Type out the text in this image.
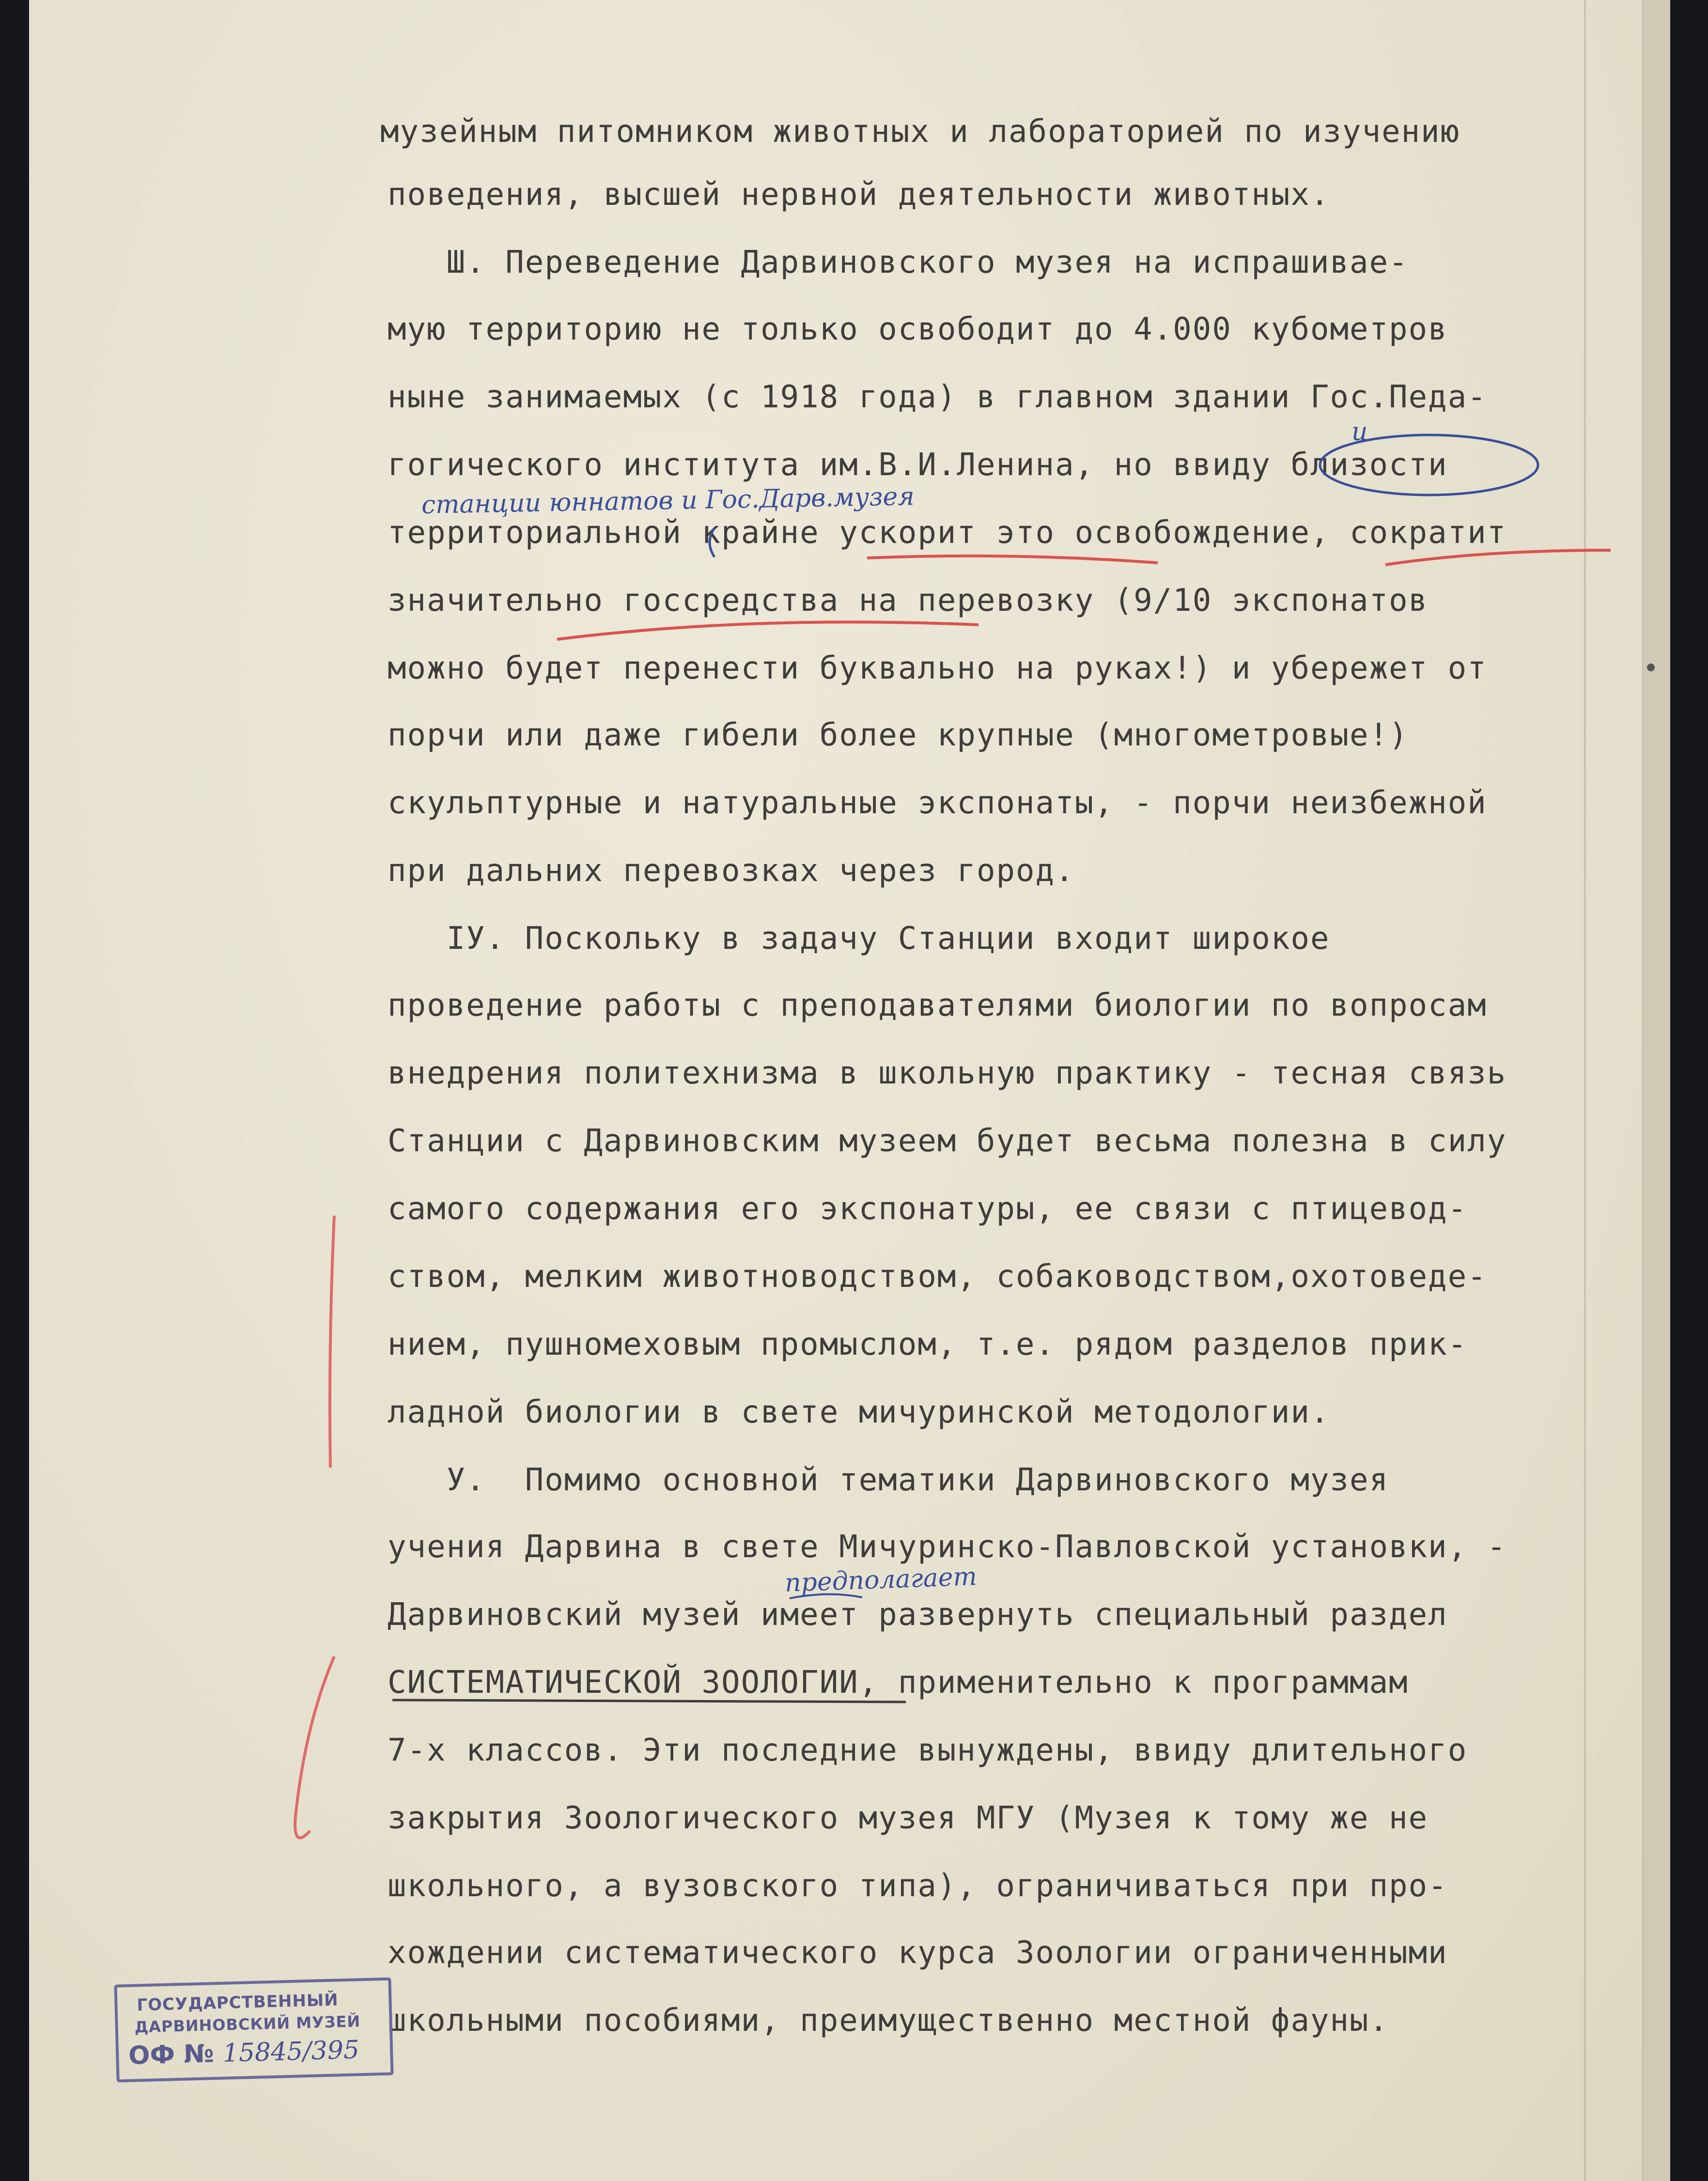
музейным питомником животных и лабораторией по изучению

поведения, высшей нервной деятельности животных.

Ш. Переведение Дарвиновского музея на испрашивае-

мую территорию не только освободит до 4.000 кубометров

ныне занимаемых (с 1918 года) в главном здании Гос.Педа-

гогического института им.В.И.Ленина, но ввиду близости

территориальной крайне ускорит это освобождение, сократит

значительно госсредства на перевозку (9/10 экспонатов

можно будет перенести буквально на руках!) и убережет от

порчи или даже гибели более крупные (многометровые!)

скульптурные и натуральные экспонаты, - порчи неизбежной

при дальних перевозках через город.

IУ. Поскольку в задачу Станции входит широкое

проведение работы с преподавателями биологии по вопросам

внедрения политехнизма в школьную практику - тесная связь

Станции с Дарвиновским музеем будет весьма полезна в силу

самого содержания его экспонатуры, ее связи с птицевод-

ством, мелким животноводством, собаководством,охотоведе-

нием, пушномеховым промыслом, т.е. рядом разделов прик-

ладной биологии в свете мичуринской методологии.

У.  Помимо основной тематики Дарвиновского музея

учения Дарвина в свете Мичуринско-Павловской установки, -

Дарвиновский музей имеет развернуть специальный раздел

СИСТЕМАТИЧЕСКОЙ ЗООЛОГИИ, применительно к программам

7-х классов. Эти последние вынуждены, ввиду длительного

закрытия Зоологического музея МГУ (Музея к тому же не

школьного, а вузовского типа), ограничиваться при про-

хождении систематического курса Зоологии ограниченными

школьными пособиями, преимущественно местной фауны.

станции юннатов и Гос.Дарв.музея

и

предполагает

ГОСУДАРСТВЕННЫЙ
ДАРВИНОВСКИЙ МУЗЕЙ
ОФ № 15845/395
